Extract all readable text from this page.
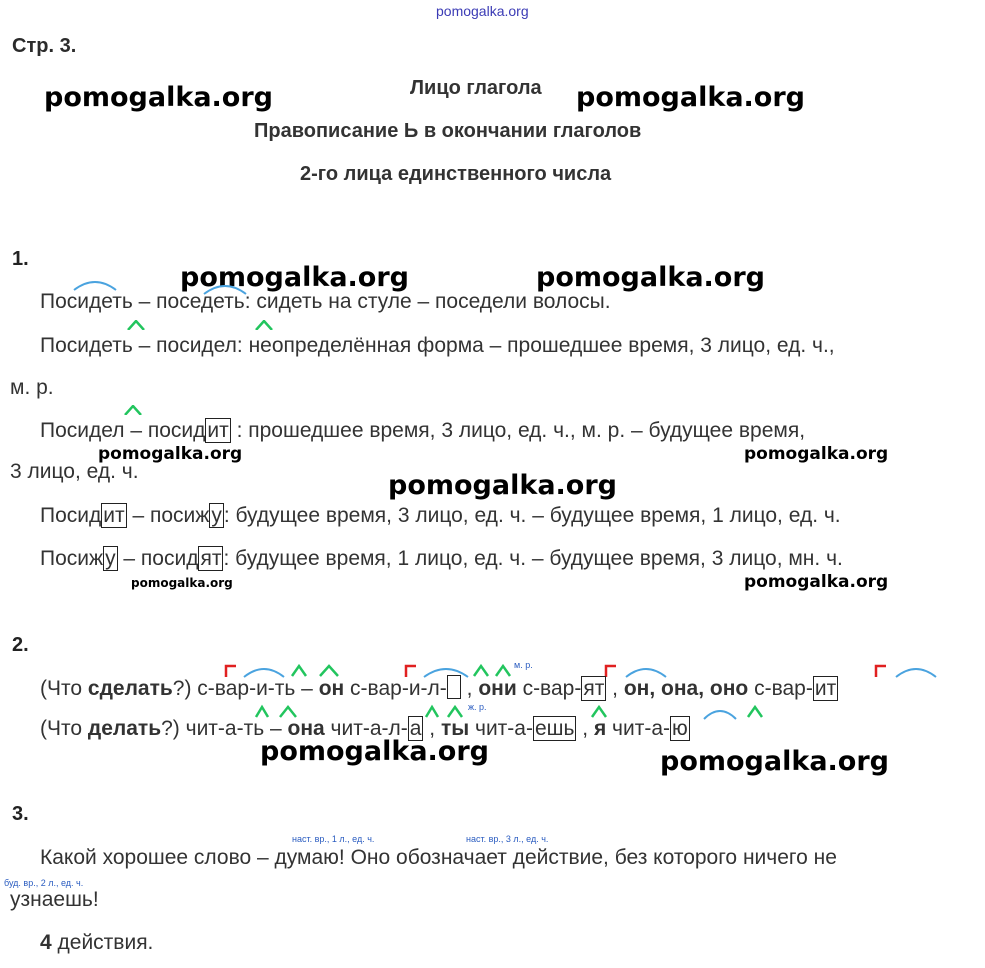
pomogalka.org
Стр. 3.
pomogalka.org	pomogalka.org
Лицо глагола
Правописание Ь в окончании глаголов
2-го лица единственного числа
1.
pomogalka.org	pomogalka.org
Посидеть – поседеть: сидеть на стуле – поседели волосы.
Посидеть – посидел: неопределённая форма – прошедшее время, 3 лицо, ед. ч.,
м. р.
Посидел – посидит : прошедшее время, 3 лицо, ед. ч., м. р. – будущее время,
pomogalka.org	pomogalka.org
3 лицо, ед. ч.	pomogalka.org
Посидит – посижу: будущее время, 3 лицо, ед. ч. – будущее время, 1 лицо, ед. ч.
Посижу – посидят: будущее время, 1 лицо, ед. ч. – будущее время, 3 лицо, мн. ч.
pomogalka.org	pomogalka.org
2.
м. р.
(Что сделать?) с-вар-и-ть – он с-вар-и-л- , они с-вар-ят , он, она, оно с-вар-ит
ж. р.
(Что делать?) чит-а-ть – она чит-а-л-а , ты чит-а-ешь , я чит-а-ю
pomogalka.org	pomogalka.org
3.
наст. вр., 1 л., ед. ч.	наст. вр., 3 л., ед. ч.
Какой хорошее слово – думаю! Оно обозначает действие, без которого ничего не
буд. вр., 2 л., ед. ч.
узнаешь!
4 действия.
